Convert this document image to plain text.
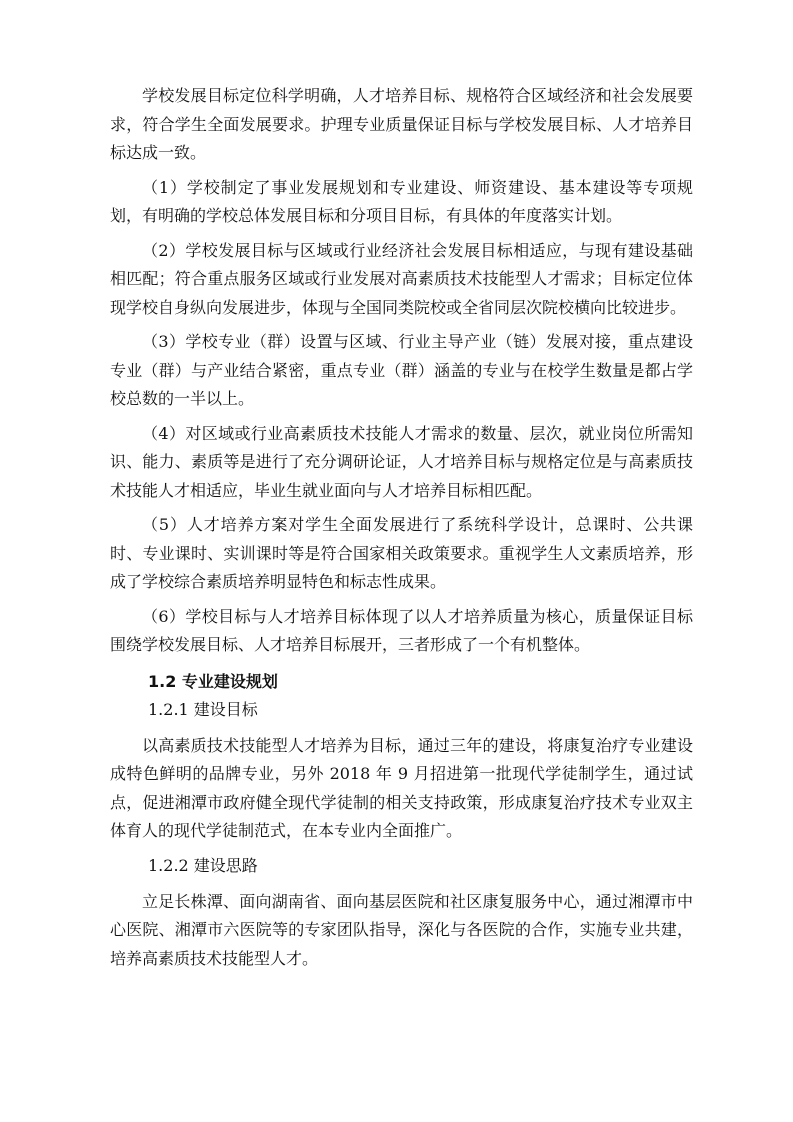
学校发展目标定位科学明确，人才培养目标、规格符合区域经济和社会发展要求，符合学生全面发展要求。护理专业质量保证目标与学校发展目标、人才培养目标达成一致。

（1）学校制定了事业发展规划和专业建设、师资建设、基本建设等专项规划，有明确的学校总体发展目标和分项目目标，有具体的年度落实计划。

（2）学校发展目标与区域或行业经济社会发展目标相适应，与现有建设基础相匹配；符合重点服务区域或行业发展对高素质技术技能型人才需求；目标定位体现学校自身纵向发展进步，体现与全国同类院校或全省同层次院校横向比较进步。

（3）学校专业（群）设置与区域、行业主导产业（链）发展对接，重点建设专业（群）与产业结合紧密，重点专业（群）涵盖的专业与在校学生数量是都占学校总数的一半以上。

（4）对区域或行业高素质技术技能人才需求的数量、层次，就业岗位所需知识、能力、素质等是进行了充分调研论证，人才培养目标与规格定位是与高素质技术技能人才相适应，毕业生就业面向与人才培养目标相匹配。

（5）人才培养方案对学生全面发展进行了系统科学设计，总课时、公共课时、专业课时、实训课时等是符合国家相关政策要求。重视学生人文素质培养，形成了学校综合素质培养明显特色和标志性成果。

（6）学校目标与人才培养目标体现了以人才培养质量为核心，质量保证目标围绕学校发展目标、人才培养目标展开，三者形成了一个有机整体。

1.2 专业建设规划

1.2.1 建设目标

以高素质技术技能型人才培养为目标，通过三年的建设，将康复治疗专业建设成特色鲜明的品牌专业，另外 2018 年 9 月招进第一批现代学徒制学生，通过试点，促进湘潭市政府健全现代学徒制的相关支持政策，形成康复治疗技术专业双主体育人的现代学徒制范式，在本专业内全面推广。

1.2.2 建设思路

立足长株潭、面向湖南省、面向基层医院和社区康复服务中心，通过湘潭市中心医院、湘潭市六医院等的专家团队指导，深化与各医院的合作，实施专业共建，培养高素质技术技能型人才。
